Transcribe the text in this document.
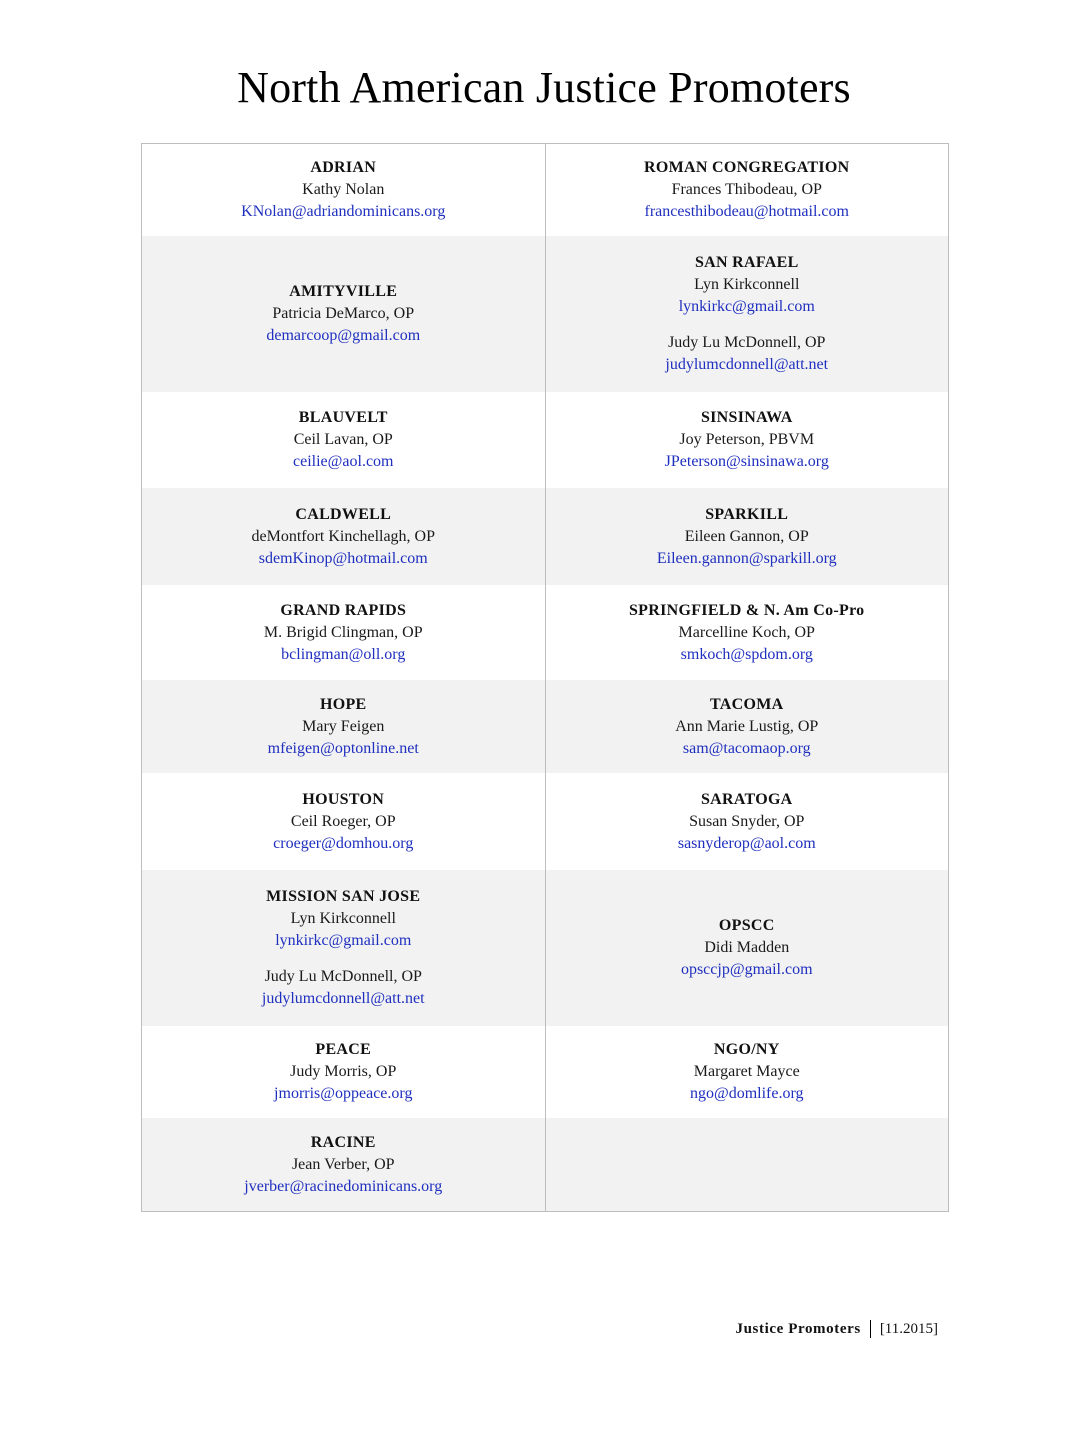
North American Justice Promoters
ADRIAN
Kathy Nolan
KNolan@adriandominicans.org
ROMAN CONGREGATION
Frances Thibodeau, OP
francesthibodeau@hotmail.com
AMITYVILLE
Patricia DeMarco, OP
demarcoop@gmail.com
SAN RAFAEL
Lyn Kirkconnell
lynkirkc@gmail.com
Judy Lu McDonnell, OP
judylumcdonnell@att.net
BLAUVELT
Ceil Lavan, OP
ceilie@aol.com
SINSINAWA
Joy Peterson, PBVM
JPeterson@sinsinawa.org
CALDWELL
deMontfort Kinchellagh, OP
sdemKinop@hotmail.com
SPARKILL
Eileen Gannon, OP
Eileen.gannon@sparkill.org
GRAND RAPIDS
M. Brigid Clingman, OP
bclingman@oll.org
SPRINGFIELD & N. Am Co-Pro
Marcelline Koch, OP
smkoch@spdom.org
HOPE
Mary Feigen
mfeigen@optonline.net
TACOMA
Ann Marie Lustig, OP
sam@tacomaop.org
HOUSTON
Ceil Roeger, OP
croeger@domhou.org
SARATOGA
Susan Snyder, OP
sasnyderop@aol.com
MISSION SAN JOSE
Lyn Kirkconnell
lynkirkc@gmail.com
Judy Lu McDonnell, OP
judylumcdonnell@att.net
OPSCC
Didi Madden
opsccjp@gmail.com
PEACE
Judy Morris, OP
jmorris@oppeace.org
NGO/NY
Margaret Mayce
ngo@domlife.org
RACINE
Jean Verber, OP
jverber@racinedominicans.org
Justice Promoters [11.2015]
